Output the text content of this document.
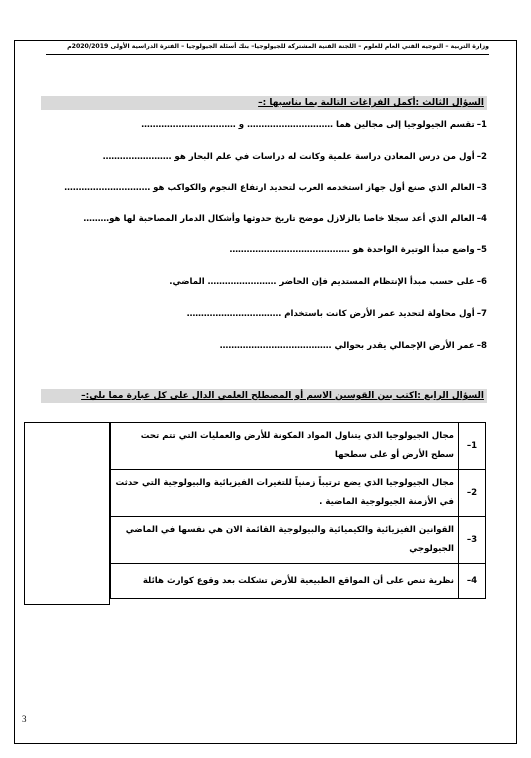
وزارة التربية – التوجيه الفني العام للعلوم – اللجنة الفنية المشتركة للجيولوجيا– بنك أسئلة الجيولوجيا – الفترة الدراسية الأولى 2020/2019م
السؤال الثالث :أكمل الفراغات التالية بما يناسبها :–
1–تقسم الجيولوجيا إلى مجالين هما ………………………… و ……………………………
2–أول من درس المعادن دراسة علمية وكانت له دراسات في علم البحار هو ……………………
3–العالم الذي صنع أول جهاز استخدمه العرب لتحديد ارتفاع النجوم والكواكب هو …………………………
4–العالم الذي أعد سجلا خاصا بالزلازل موضح تاريخ حدوثها وأشكال الدمار المصاحبة لها هو………
5–واضع مبدأ الوتيرة الواحدة هو ……………………………………
6–على حسب مبدأ الإنتظام المستديم فإن الحاضر …………………… الماضي.
7–أول محاولة لتحديد عمر الأرض كانت باستخدام ……………………………
8–عمر الأرض الإجمالي يقدر بحوالي …………………………………
السؤال الرابع :اكتب بين القوسين الاسم أو المصطلح العلمي الدال على كل عبارة مما يلي:–
1–	مجال الجيولوجيا الذي يتناول المواد المكونة للأرض والعمليات التي تتم تحت سطح الأرض أو على سطحها
2–	مجال الجيولوجيا الذي يضع ترتيباً زمنياً للتغيرات الفيزيائية والبيولوجية التي حدثت في الأزمنة الجيولوجية الماضية .
3–	القوانين الفيزيائية والكيميائية والبيولوجية القائمة الان هي نفسها في الماضي الجيولوجي
4–	نظرية تنص على أن المواقع الطبيعية للأرض تشكلت بعد وقوع كوارث هائلة
3
